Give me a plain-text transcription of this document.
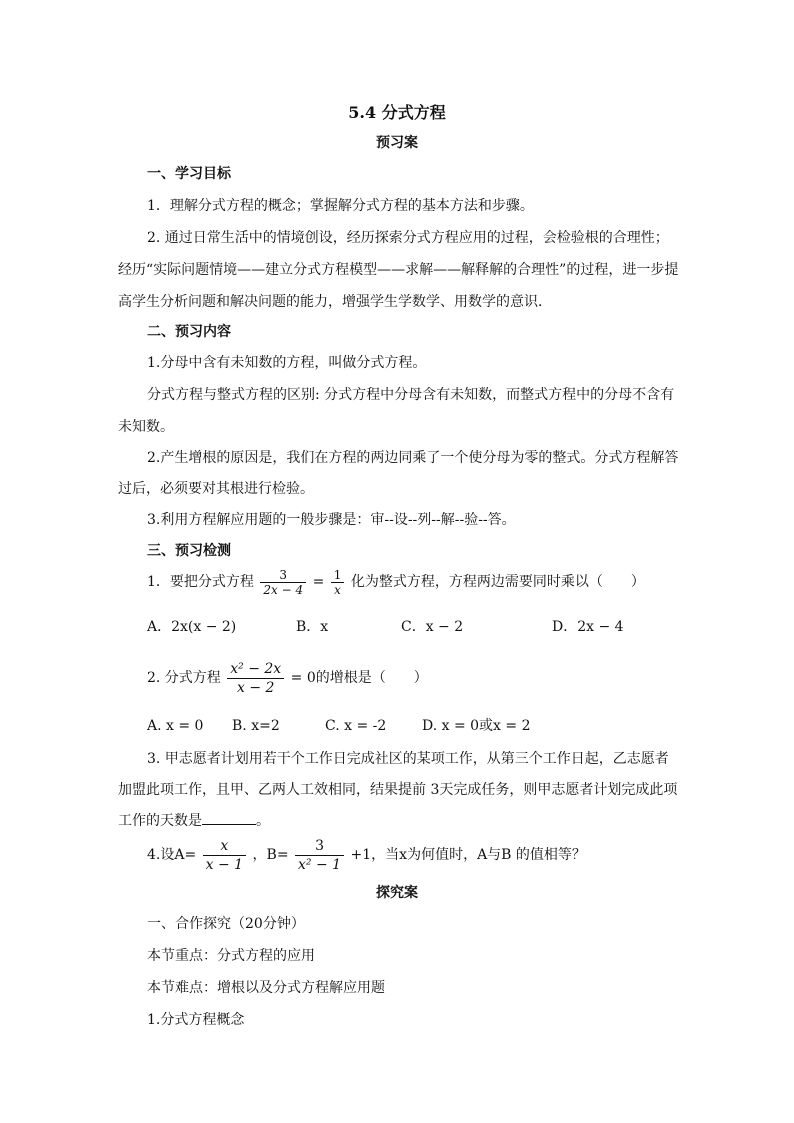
5.4 分式方程
预习案
一、学习目标
1．理解分式方程的概念；掌握解分式方程的基本方法和步骤。
2. 通过日常生活中的情境创设，经历探索分式方程应用的过程，会检验根的合理性；
经历“实际问题情境——建立分式方程模型——求解——解释解的合理性”的过程，进一步提
高学生分析问题和解决问题的能力，增强学生学数学、用数学的意识．
二、预习内容
1.分母中含有未知数的方程，叫做分式方程。
分式方程与整式方程的区别: 分式方程中分母含有未知数，而整式方程中的分母不含有
未知数。
2.产生增根的原因是，我们在方程的两边同乘了一个使分母为零的整式。分式方程解答
过后，必须要对其根进行检验。
3.利用方程解应用题的一般步骤是：审--设--列--解--验--答。
三、预习检测
1．要把分式方程 $\frac{3}{2x - 4} = \frac{1}{x}$ 化为整式方程，方程两边需要同时乘以（　　）
A．2x(x − 2)	B．x	C．x − 2	D．2x − 4
2. 分式方程 $\frac{\text{x² − 2x}}{x - 2} = 0$的增根是（　　）
A. x = 0 B. x=2	C. x = -2	D. x = 0或x = 2
3. 甲志愿者计划用若干个工作日完成社区的某项工作，从第三个工作日起，乙志愿者
加盟此项工作，且甲、乙两人工效相同，结果提前 3天完成任务，则甲志愿者计划完成此项
工作的天数是	。
4.设$A= \frac{x}{x - 1}$ ，$B= \frac{3}{\text{x² − 1}} +1$，当x为何值时，A与B 的值相等？
探究案
一、合作探究（20分钟）
本节重点：分式方程的应用
本节难点：增根以及分式方程解应用题
1.分式方程概念
